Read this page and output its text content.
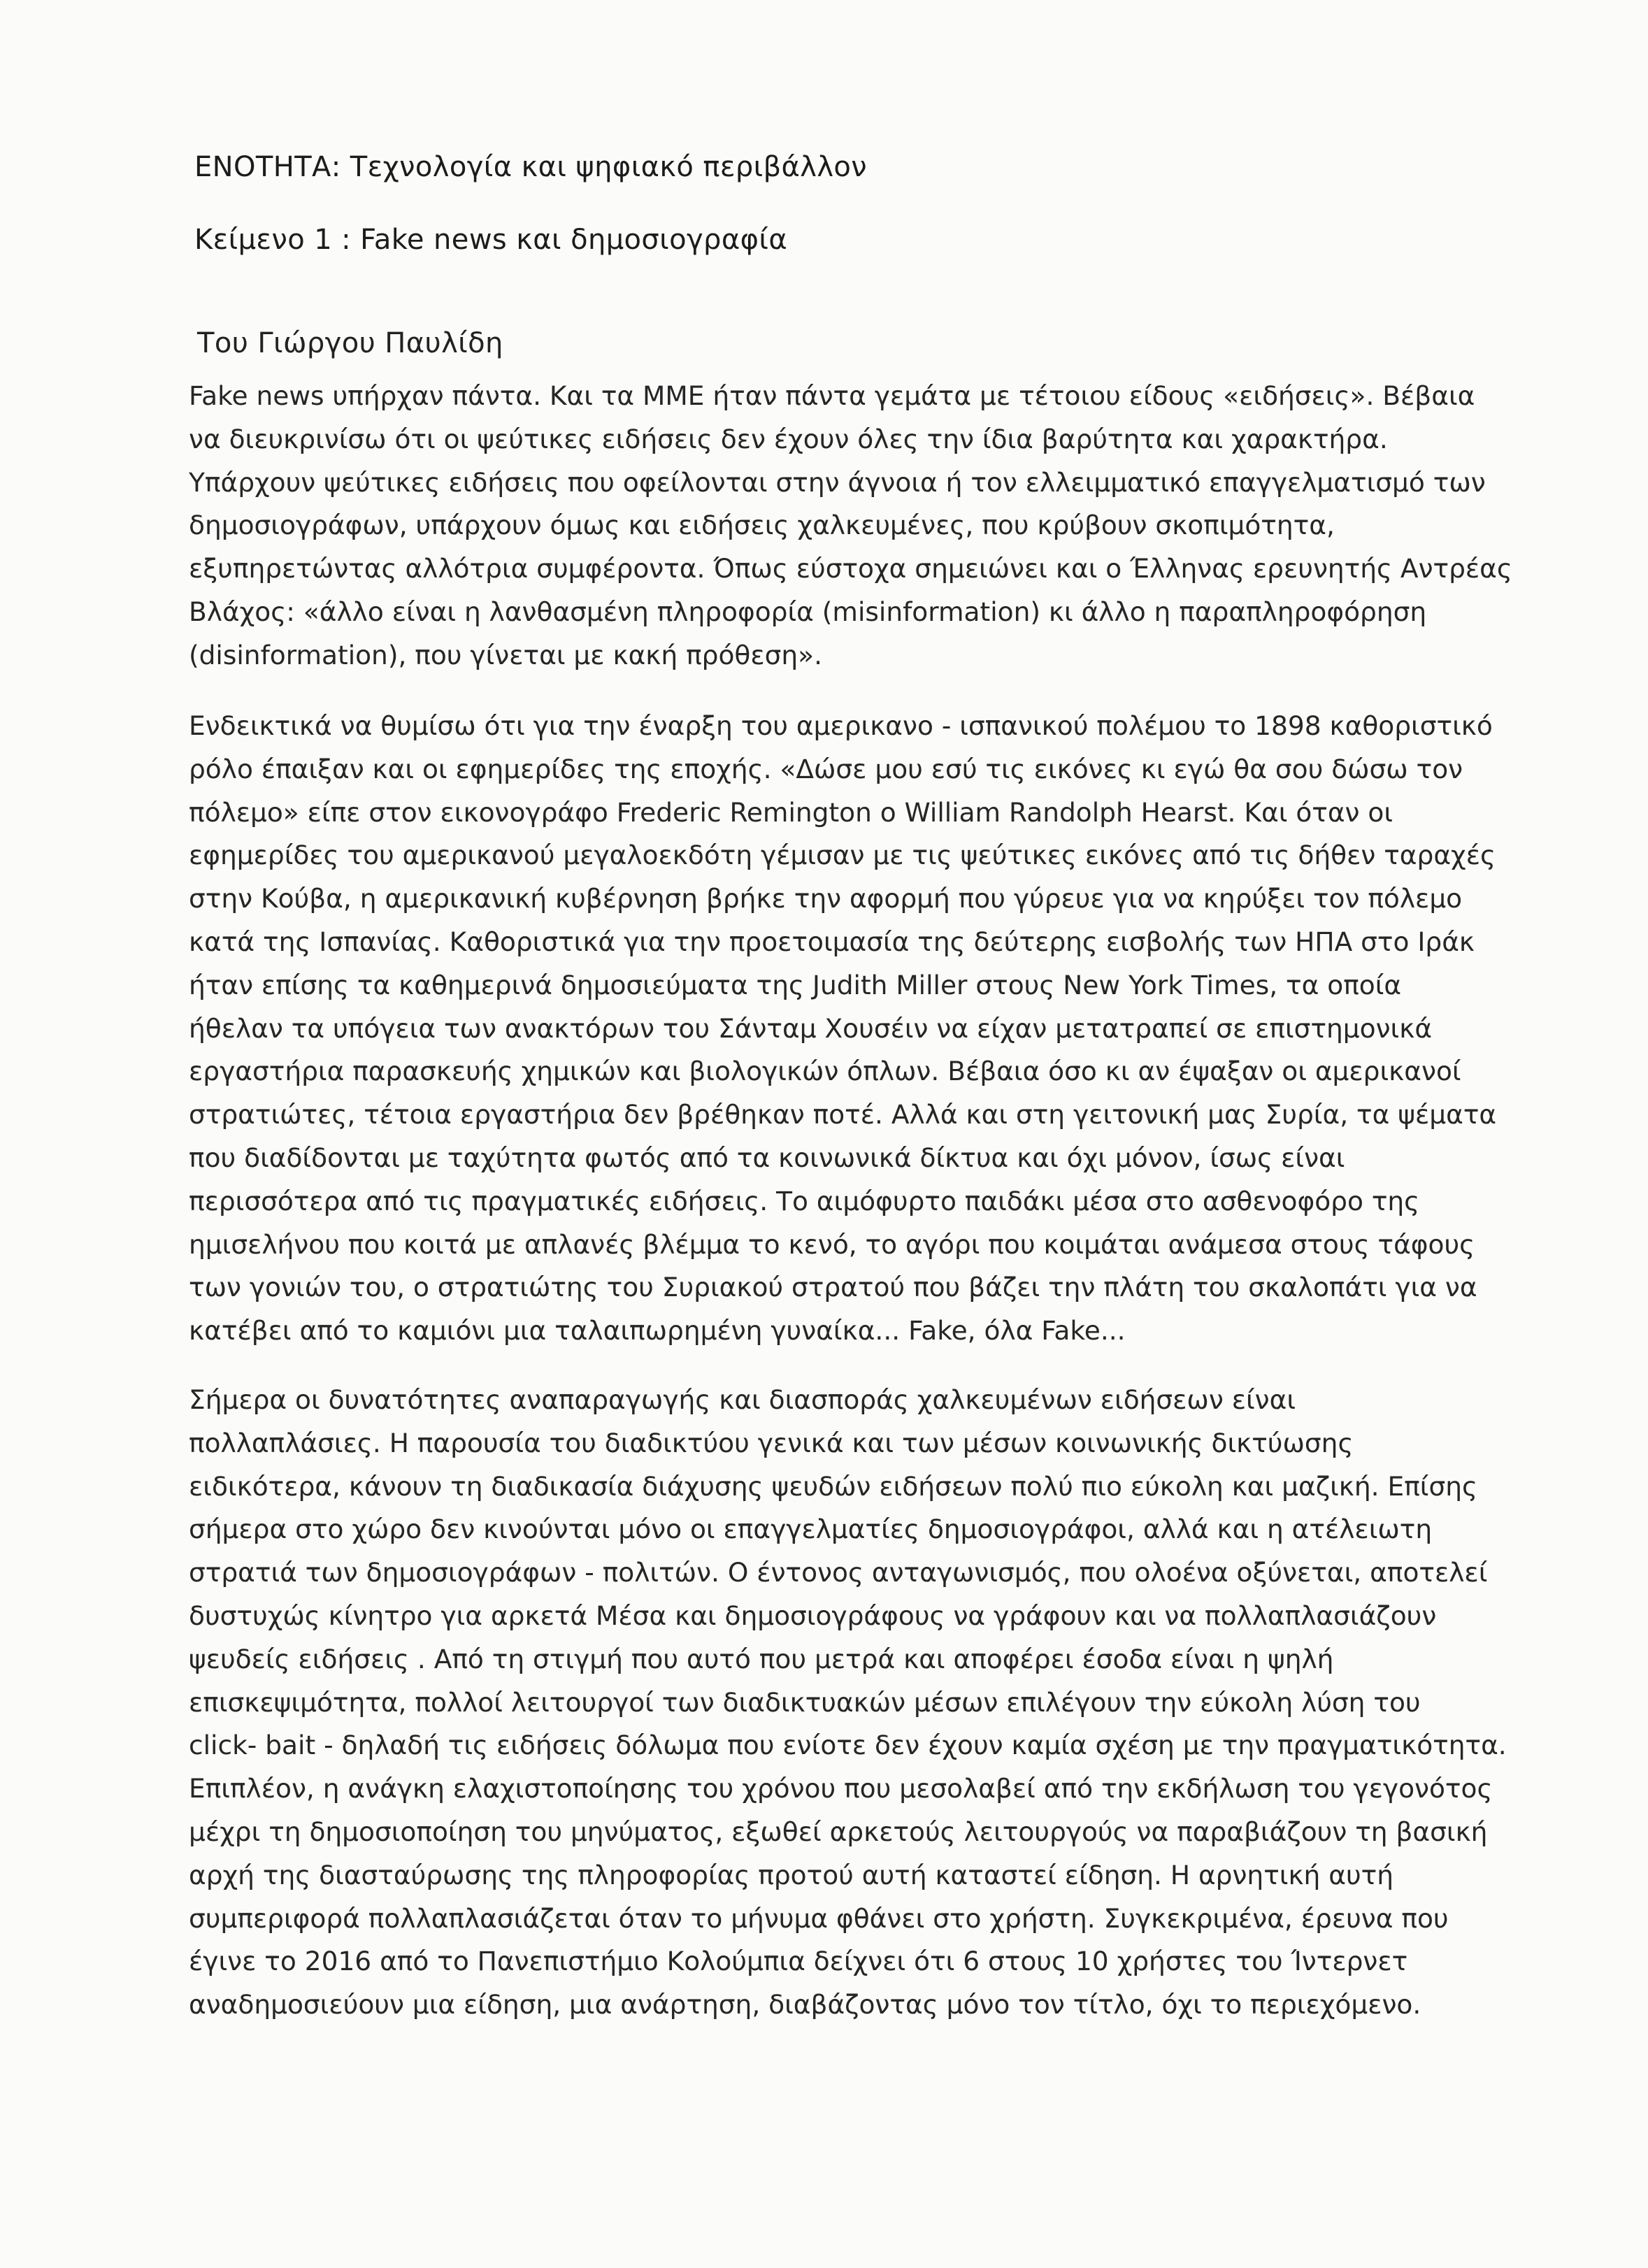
ΕΝΟΤΗΤΑ: Τεχνολογία και ψηφιακό περιβάλλον
Κείμενο 1 : Fake news και δημοσιογραφία
Του Γιώργου Παυλίδη
Fake news υπήρχαν πάντα. Και τα ΜΜΕ ήταν πάντα γεμάτα με τέτοιου είδους «ειδήσεις». Βέβαια
να διευκρινίσω ότι οι ψεύτικες ειδήσεις δεν έχουν όλες την ίδια βαρύτητα και χαρακτήρα.
Υπάρχουν ψεύτικες ειδήσεις που οφείλονται στην άγνοια ή τον ελλειμματικό επαγγελματισμό των
δημοσιογράφων, υπάρχουν όμως και ειδήσεις χαλκευμένες, που κρύβουν σκοπιμότητα,
εξυπηρετώντας αλλότρια συμφέροντα. Όπως εύστοχα σημειώνει και ο Έλληνας ερευνητής Αντρέας
Βλάχος: «άλλο είναι η λανθασμένη πληροφορία (misinformation) κι άλλο η παραπληροφόρηση
(disinformation), που γίνεται με κακή πρόθεση».
Ενδεικτικά να θυμίσω ότι για την έναρξη του αμερικανο - ισπανικού πολέμου το 1898 καθοριστικό
ρόλο έπαιξαν και οι εφημερίδες της εποχής. «Δώσε μου εσύ τις εικόνες κι εγώ θα σου δώσω τον
πόλεμο» είπε στον εικονογράφο Frederic Remington ο William Randolph Hearst. Και όταν οι
εφημερίδες του αμερικανού μεγαλοεκδότη γέμισαν με τις ψεύτικες εικόνες από τις δήθεν ταραχές
στην Κούβα, η αμερικανική κυβέρνηση βρήκε την αφορμή που γύρευε για να κηρύξει τον πόλεμο
κατά της Ισπανίας. Καθοριστικά για την προετοιμασία της δεύτερης εισβολής των ΗΠΑ στο Ιράκ
ήταν επίσης τα καθημερινά δημοσιεύματα της Judith Miller στους New York Times, τα οποία
ήθελαν τα υπόγεια των ανακτόρων του Σάνταμ Χουσέιν να είχαν μετατραπεί σε επιστημονικά
εργαστήρια παρασκευής χημικών και βιολογικών όπλων. Βέβαια όσο κι αν έψαξαν οι αμερικανοί
στρατιώτες, τέτοια εργαστήρια δεν βρέθηκαν ποτέ. Αλλά και στη γειτονική μας Συρία, τα ψέματα
που διαδίδονται με ταχύτητα φωτός από τα κοινωνικά δίκτυα και όχι μόνον, ίσως είναι
περισσότερα από τις πραγματικές ειδήσεις. Το αιμόφυρτο παιδάκι μέσα στο ασθενοφόρο της
ημισελήνου που κοιτά με απλανές βλέμμα το κενό, το αγόρι που κοιμάται ανάμεσα στους τάφους
των γονιών του, ο στρατιώτης του Συριακού στρατού που βάζει την πλάτη του σκαλοπάτι για να
κατέβει από το καμιόνι μια ταλαιπωρημένη γυναίκα... Fake, όλα Fake...
Σήμερα οι δυνατότητες αναπαραγωγής και διασποράς χαλκευμένων ειδήσεων είναι
πολλαπλάσιες. Η παρουσία του διαδικτύου γενικά και των μέσων κοινωνικής δικτύωσης
ειδικότερα, κάνουν τη διαδικασία διάχυσης ψευδών ειδήσεων πολύ πιο εύκολη και μαζική. Επίσης
σήμερα στο χώρο δεν κινούνται μόνο οι επαγγελματίες δημοσιογράφοι, αλλά και η ατέλειωτη
στρατιά των δημοσιογράφων - πολιτών. Ο έντονος ανταγωνισμός, που ολοένα οξύνεται, αποτελεί
δυστυχώς κίνητρο για αρκετά Μέσα και δημοσιογράφους να γράφουν και να πολλαπλασιάζουν
ψευδείς ειδήσεις . Από τη στιγμή που αυτό που μετρά και αποφέρει έσοδα είναι η ψηλή
επισκεψιμότητα, πολλοί λειτουργοί των διαδικτυακών μέσων επιλέγουν την εύκολη λύση του
click- bait - δηλαδή τις ειδήσεις δόλωμα που ενίοτε δεν έχουν καμία σχέση με την πραγματικότητα.
Επιπλέον, η ανάγκη ελαχιστοποίησης του χρόνου που μεσολαβεί από την εκδήλωση του γεγονότος
μέχρι τη δημοσιοποίηση του μηνύματος, εξωθεί αρκετούς λειτουργούς να παραβιάζουν τη βασική
αρχή της διασταύρωσης της πληροφορίας προτού αυτή καταστεί είδηση. Η αρνητική αυτή
συμπεριφορά πολλαπλασιάζεται όταν το μήνυμα φθάνει στο χρήστη. Συγκεκριμένα, έρευνα που
έγινε το 2016 από το Πανεπιστήμιο Κολούμπια δείχνει ότι 6 στους 10 χρήστες του Ίντερνετ
αναδημοσιεύουν μια είδηση, μια ανάρτηση, διαβάζοντας μόνο τον τίτλο, όχι το περιεχόμενο.
